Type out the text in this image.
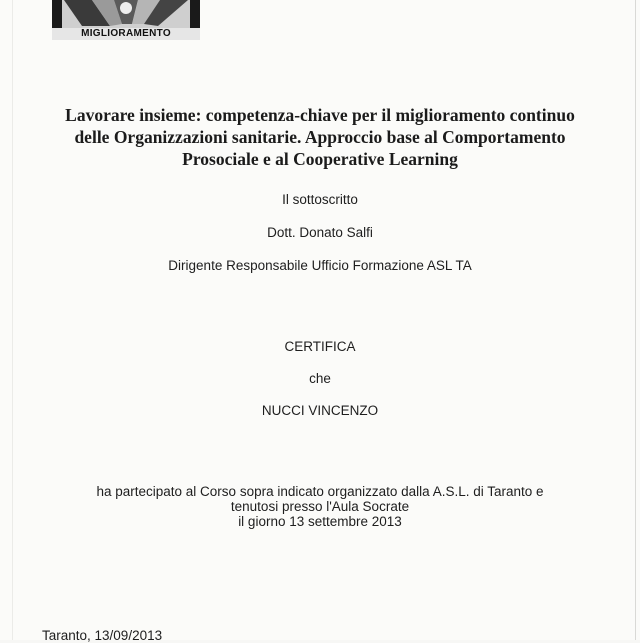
MIGLIORAMENTO
Lavorare insieme: competenza-chiave per il miglioramento continuo
delle Organizzazioni sanitarie. Approccio base al Comportamento
Prosociale e al Cooperative Learning
Il sottoscritto
Dott. Donato Salfi
Dirigente Responsabile Ufficio Formazione ASL TA
CERTIFICA
che
NUCCI VINCENZO
ha partecipato al Corso sopra indicato organizzato dalla A.S.L. di Taranto e
tenutosi presso l'Aula Socrate
il giorno 13 settembre 2013
Taranto, 13/09/2013
